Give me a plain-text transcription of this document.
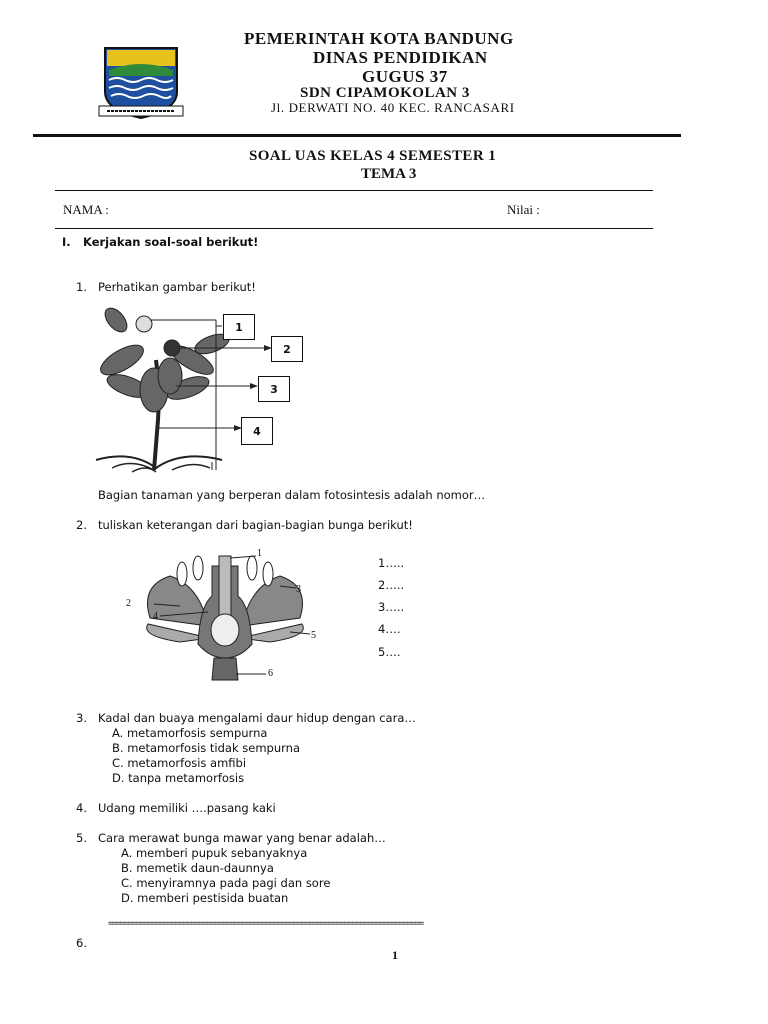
PEMERINTAH KOTA BANDUNG
DINAS PENDIDIKAN
GUGUS 37
SDN CIPAMOKOLAN 3
Jl. DERWATI NO. 40 KEC. RANCASARI
SOAL UAS KELAS 4 SEMESTER 1
TEMA 3
NAMA :	Nilai :
I. Kerjakan soal-soal berikut!
1. Perhatikan gambar berikut!
1
2
3
4
Bagian tanaman yang berperan dalam fotosintesis adalah nomor…
2. tuliskan keterangan dari bagian-bagian bunga berikut!
1
2
3
4
5
6
1…..
2…..
3…..
4….
5….
3. Kadal dan buaya mengalami daur hidup dengan cara…
A. metamorfosis sempurna
B. metamorfosis tidak sempurna
C. metamorfosis amfibi
D. tanpa metamorfosis
4. Udang memiliki ….pasang kaki
5. Cara merawat bunga mawar yang benar adalah…
A. memberi pupuk sebanyaknya
B. memetik daun-daunnya
C. menyiramnya pada pagi dan sore
D. memberi pestisida buatan
================================================================================
6.
1
